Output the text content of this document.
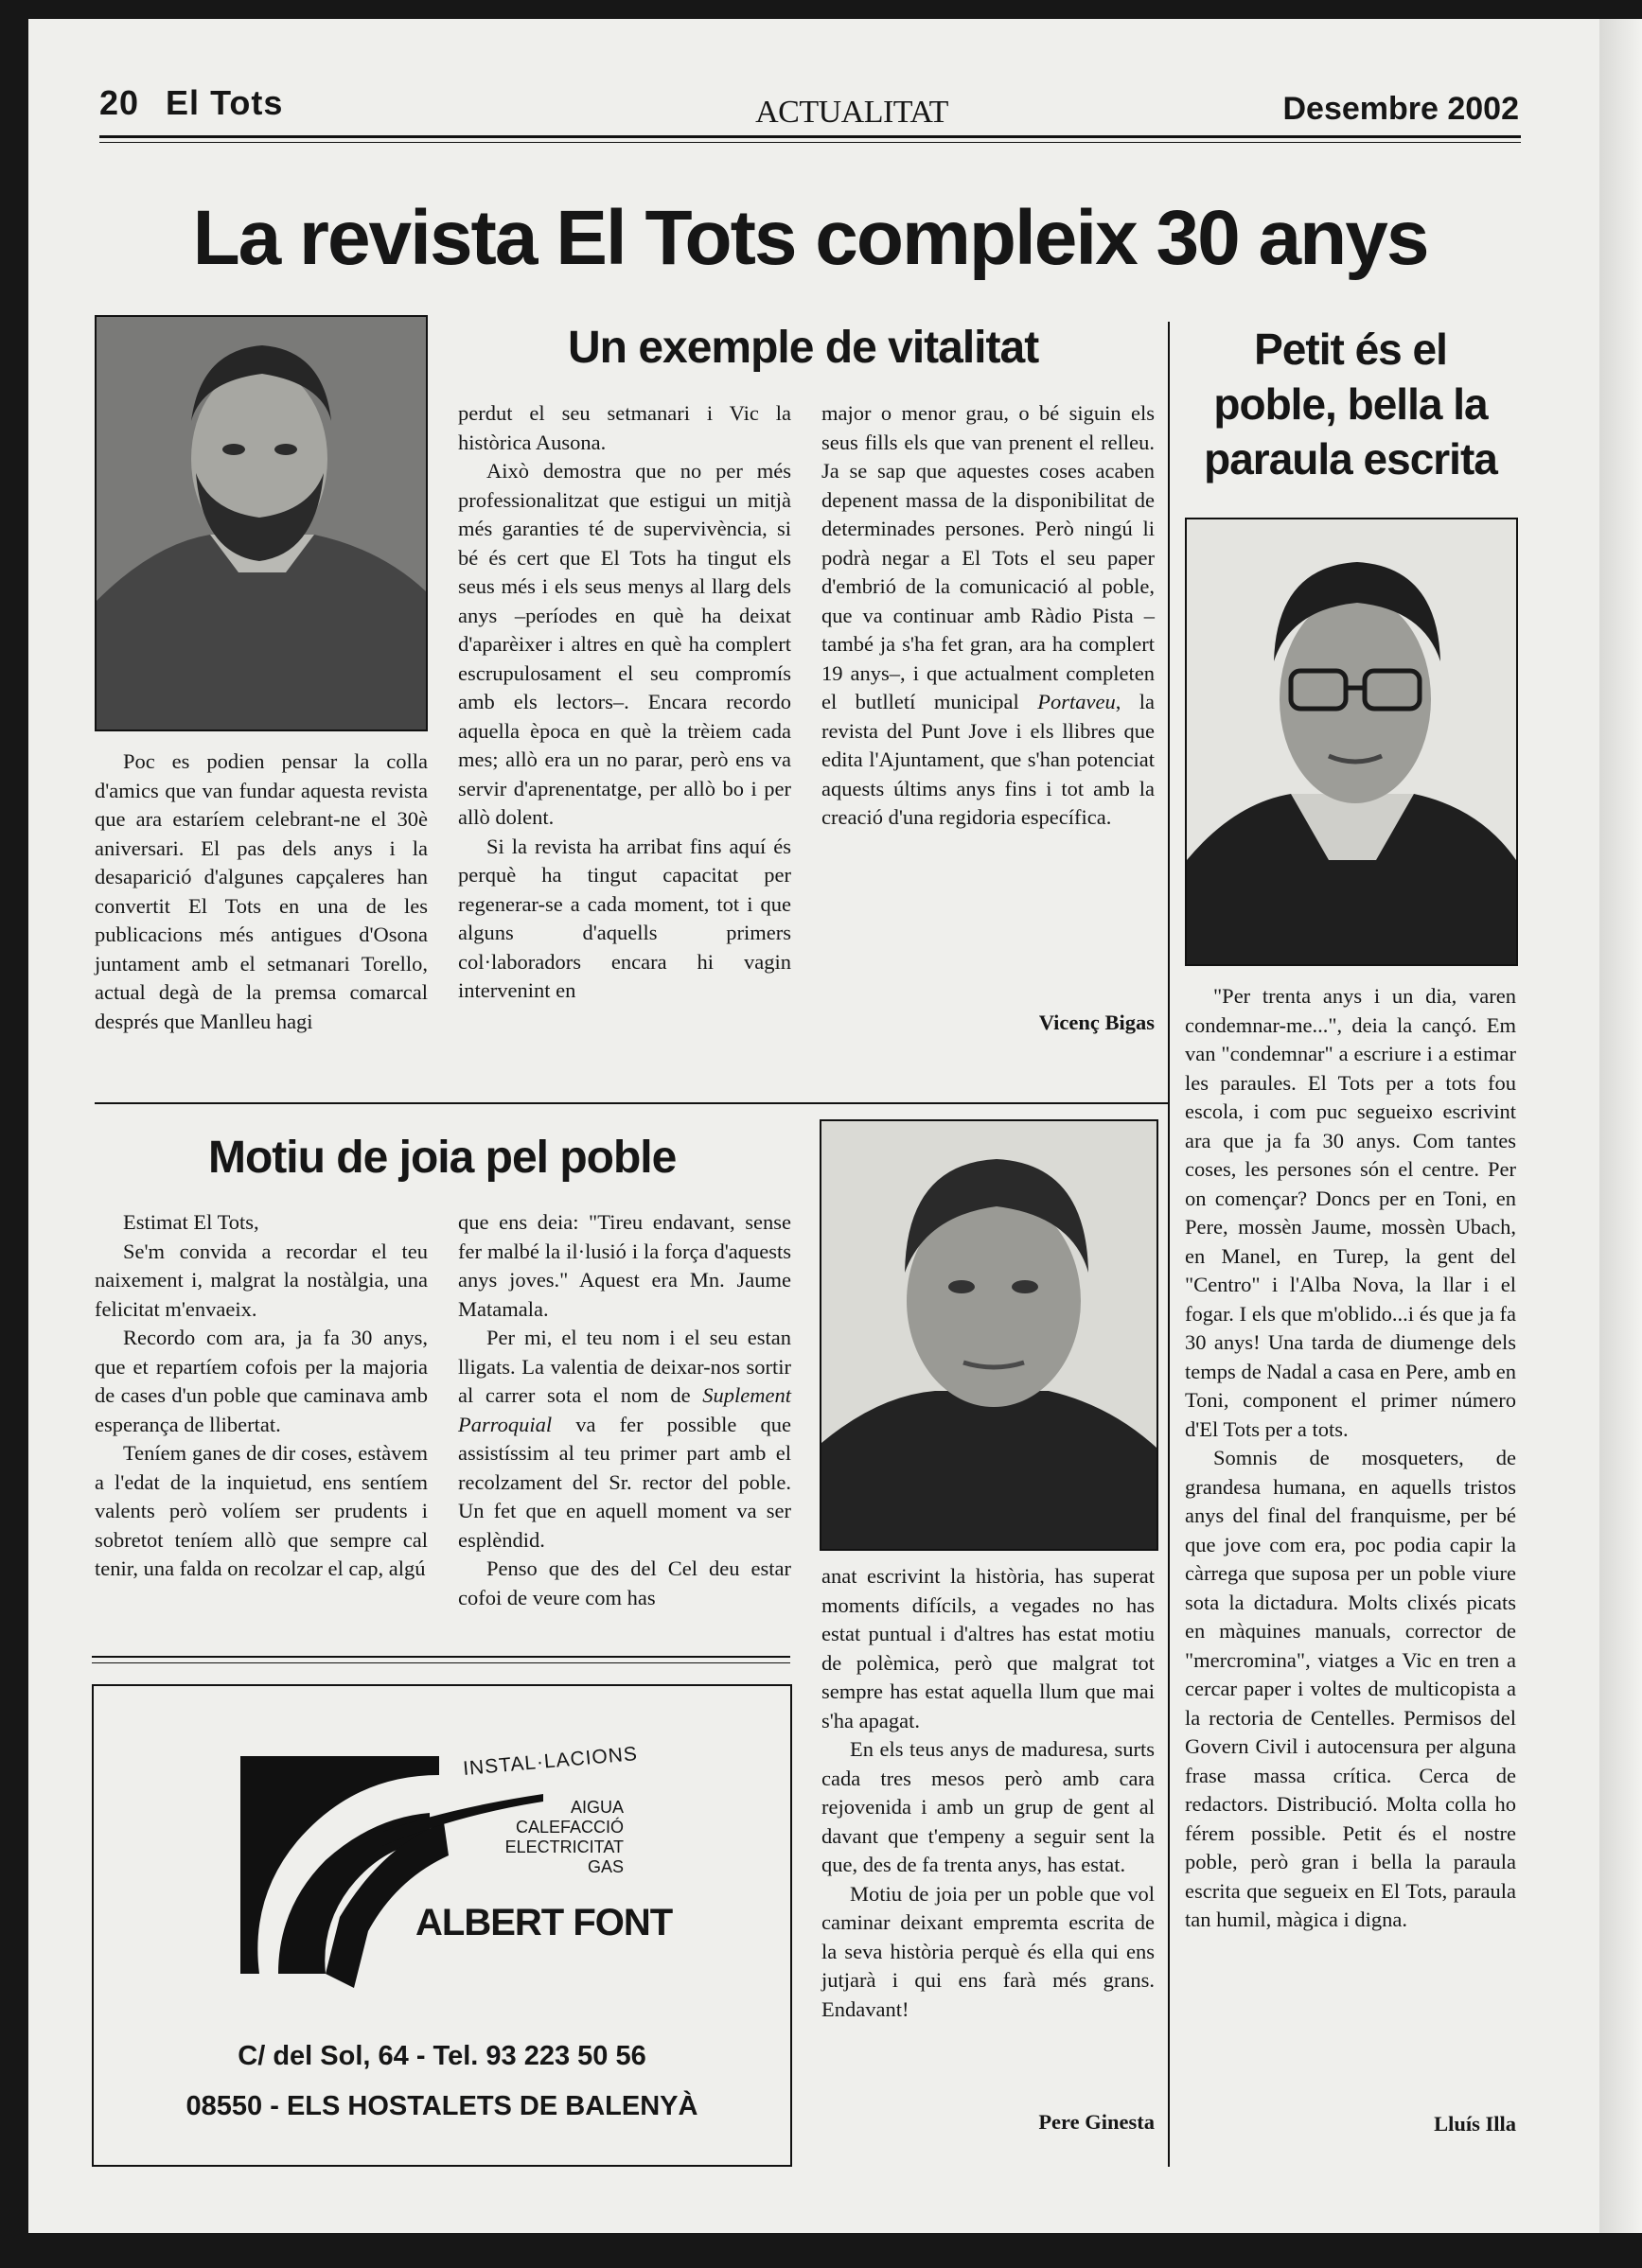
20 El Tots	ACTUALITAT	Desembre 2002
La revista El Tots compleix 30 anys
Un exemple de vitalitat

Poc es podien pensar la colla d'amics que van fundar aquesta revista que ara estaríem celebrant-ne el 30è aniversari. El pas dels anys i la desaparició d'algunes capçaleres han convertit El Tots en una de les publicacions més antigues d'Osona juntament amb el setmanari Torello, actual degà de la premsa comarcal després que Manlleu hagi

perdut el seu setmanari i Vic la històrica Ausona.

Això demostra que no per més professionalitzat que estigui un mitjà més garanties té de supervivència, si bé és cert que El Tots ha tingut els seus més i els seus menys al llarg dels anys –períodes en què ha deixat d'aparèixer i altres en què ha complert escrupulosament el seu compromís amb els lectors–. Encara recordo aquella època en què la trèiem cada mes; allò era un no parar, però ens va servir d'aprenentatge, per allò bo i per allò dolent.

Si la revista ha arribat fins aquí és perquè ha tingut capacitat per regenerar-se a cada moment, tot i que alguns d'aquells primers col·laboradors encara hi vagin intervenint en

major o menor grau, o bé siguin els seus fills els que van prenent el relleu. Ja se sap que aquestes coses acaben depenent massa de la disponibilitat de determinades persones. Però ningú li podrà negar a El Tots el seu paper d'embrió de la comunicació al poble, que va continuar amb Ràdio Pista –també ja s'ha fet gran, ara ha complert 19 anys–, i que actualment completen el butlletí municipal Portaveu, la revista del Punt Jove i els llibres que edita l'Ajuntament, que s'han potenciat aquests últims anys fins i tot amb la creació d'una regidoria específica.

Vicenç Bigas
Petit és el
poble, bella la
paraula escrita

"Per trenta anys i un dia, varen condemnar-me...", deia la cançó. Em van "condemnar" a escriure i a estimar les paraules. El Tots per a tots fou escola, i com puc segueixo escrivint ara que ja fa 30 anys. Com tantes coses, les persones són el centre. Per on començar? Doncs per en Toni, en Pere, mossèn Jaume, mossèn Ubach, en Manel, en Turep, la gent del "Centro" i l'Alba Nova, la llar i el fogar. I els que m'oblido...i és que ja fa 30 anys! Una tarda de diumenge dels temps de Nadal a casa en Pere, amb en Toni, component el primer número d'El Tots per a tots.

Somnis de mosqueters, de grandesa humana, en aquells tristos anys del final del franquisme, per bé que jove com era, poc podia capir la càrrega que suposa per un poble viure sota la dictadura. Molts clixés picats en màquines manuals, corrector de "mercromina", viatges a Vic en tren a cercar paper i voltes de multicopista a la rectoria de Centelles. Permisos del Govern Civil i autocensura per alguna frase massa crítica. Cerca de redactors. Distribució. Molta colla ho férem possible. Petit és el nostre poble, però gran i bella la paraula escrita que segueix en El Tots, paraula tan humil, màgica i digna.

Lluís Illa
Motiu de joia pel poble

Estimat El Tots,

Se'm convida a recordar el teu naixement i, malgrat la nostàlgia, una felicitat m'envaeix.

Recordo com ara, ja fa 30 anys, que et repartíem cofois per la majoria de cases d'un poble que caminava amb esperança de llibertat.

Teníem ganes de dir coses, estàvem a l'edat de la inquietud, ens sentíem valents però volíem ser prudents i sobretot teníem allò que sempre cal tenir, una falda on recolzar el cap, algú

que ens deia: "Tireu endavant, sense fer malbé la il·lusió i la força d'aquests anys joves." Aquest era Mn. Jaume Matamala.

Per mi, el teu nom i el seu estan lligats. La valentia de deixar-nos sortir al carrer sota el nom de Suplement Parroquial va fer possible que assistíssim al teu primer part amb el recolzament del Sr. rector del poble. Un fet que en aquell moment va ser esplèndid.

Penso que des del Cel deu estar cofoi de veure com has

anat escrivint la història, has superat moments difícils, a vegades no has estat puntual i d'altres has estat motiu de polèmica, però que malgrat tot sempre has estat aquella llum que mai s'ha apagat.

En els teus anys de maduresa, surts cada tres mesos però amb cara rejovenida i amb un grup de gent al davant que t'empeny a seguir sent la que, des de fa trenta anys, has estat.

Motiu de joia per un poble que vol caminar deixant empremta escrita de la seva història perquè és ella qui ens jutjarà i qui ens farà més grans. Endavant!

Pere Ginesta
INSTAL·LACIONS
AIGUA
CALEFACCIÓ
ELECTRICITAT
GAS
ALBERT FONT
C/ del Sol, 64 - Tel. 93 223 50 56
08550 - ELS HOSTALETS DE BALENYÀ
